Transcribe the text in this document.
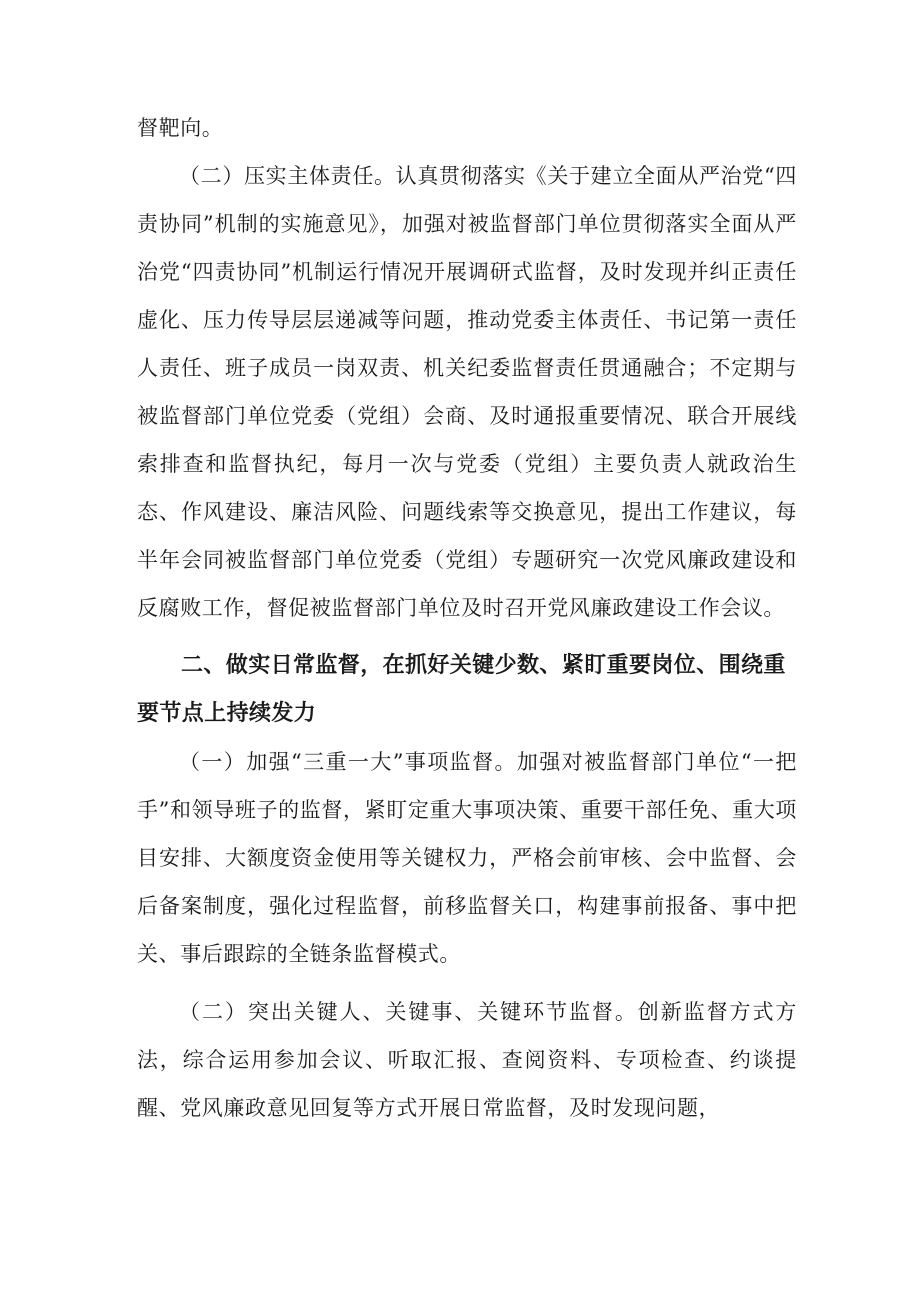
督靶向。

（二）压实主体责任。认真贯彻落实《关于建立全面从严治党“四责协同”机制的实施意见》，加强对被监督部门单位贯彻落实全面从严治党“四责协同”机制运行情况开展调研式监督，及时发现并纠正责任虚化、压力传导层层递减等问题，推动党委主体责任、书记第一责任人责任、班子成员一岗双责、机关纪委监督责任贯通融合；不定期与被监督部门单位党委（党组）会商、及时通报重要情况、联合开展线索排查和监督执纪，每月一次与党委（党组）主要负责人就政治生态、作风建设、廉洁风险、问题线索等交换意见，提出工作建议，每半年会同被监督部门单位党委（党组）专题研究一次党风廉政建设和反腐败工作，督促被监督部门单位及时召开党风廉政建设工作会议。

二、做实日常监督，在抓好关键少数、紧盯重要岗位、围绕重要节点上持续发力

（一）加强“三重一大”事项监督。加强对被监督部门单位“一把手”和领导班子的监督，紧盯定重大事项决策、重要干部任免、重大项目安排、大额度资金使用等关键权力，严格会前审核、会中监督、会后备案制度，强化过程监督，前移监督关口，构建事前报备、事中把关、事后跟踪的全链条监督模式。

（二）突出关键人、关键事、关键环节监督。创新监督方式方法，综合运用参加会议、听取汇报、查阅资料、专项检查、约谈提醒、党风廉政意见回复等方式开展日常监督，及时发现问题，
